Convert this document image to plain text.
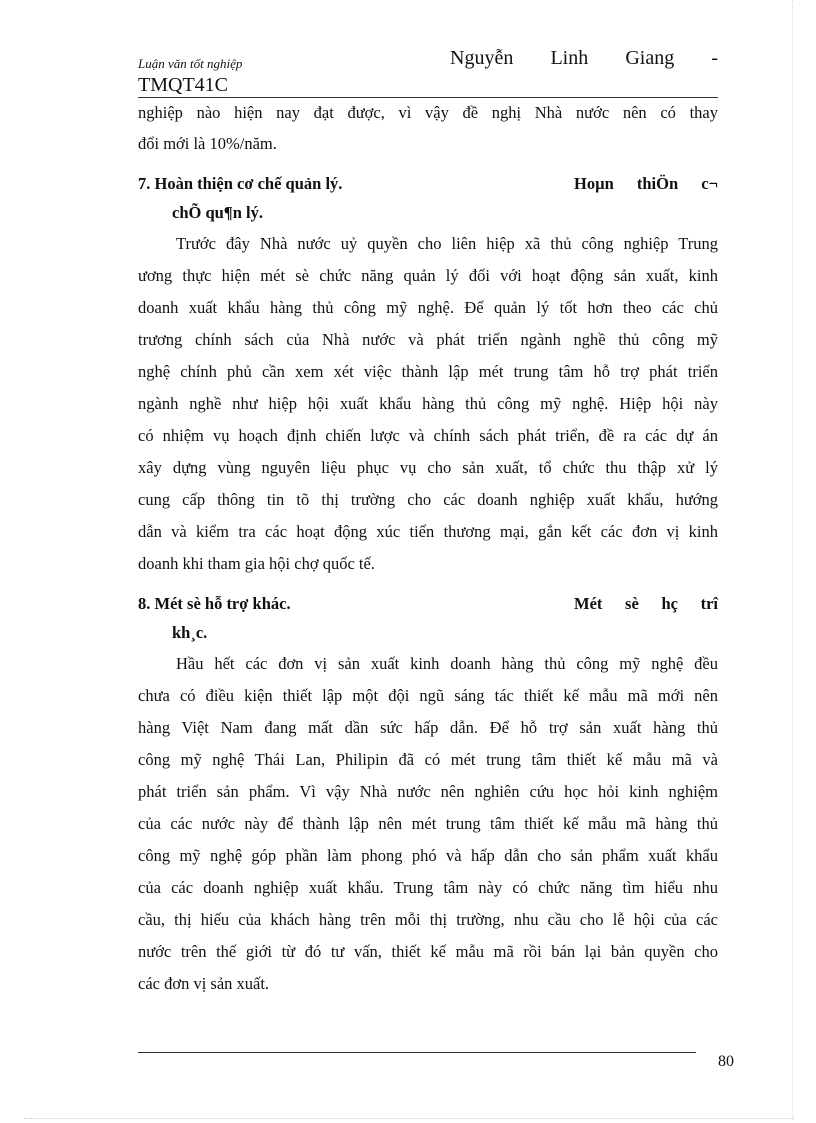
Luận văn tốt nghiệp	Nguyễn Linh Giang -
TMQT41C
nghiệp nào hiện nay đạt được, vì vậy đề nghị Nhà nước nên có thay
đổi mới là 10%/năm.
7. Hoàn thiện cơ chế quản lý.	Hoµn thiÖn c¬
chÕ qu¶n lý.
Trước đây Nhà nước uỷ quyền cho liên hiệp xã thủ công nghiệp Trung
ương thực hiện mét sè chức năng quản lý đối với hoạt động sản xuất, kinh
doanh xuất khẩu hàng thủ công mỹ nghệ. Để quản lý tốt hơn theo các chủ
trương chính sách của Nhà nước và phát triển ngành nghề thủ công mỹ
nghệ chính phủ cần xem xét việc thành lập mét trung tâm hỗ trợ phát triển
ngành nghề như hiệp hội xuất khẩu hàng thủ công mỹ nghệ. Hiệp hội này
có nhiệm vụ hoạch định chiến lược và chính sách phát triển, đề ra các dự án
xây dựng vùng nguyên liệu phục vụ cho sản xuất, tổ chức thu thập xử lý
cung cấp thông tin tõ thị trường cho các doanh nghiệp xuất khẩu, hướng
dẫn và kiểm tra các hoạt động xúc tiến thương mại, gắn kết các đơn vị kinh
doanh khi tham gia hội chợ quốc tế.
8. Mét sè hỗ trợ khác.	Mét sè hç trî
kh¸c.
Hầu hết các đơn vị sản xuất kinh doanh hàng thủ công mỹ nghệ đều
chưa có điều kiện thiết lập một đội ngũ sáng tác thiết kế mẫu mã mới nên
hàng Việt Nam đang mất dần sức hấp dẫn. Để hỗ trợ sản xuất hàng thủ
công mỹ nghệ Thái Lan, Philipin đã có mét trung tâm thiết kế mẫu mã và
phát triển sản phẩm. Vì vậy Nhà nước nên nghiên cứu học hỏi kinh nghiệm
của các nước này để thành lập nên mét trung tâm thiết kế mẫu mã hàng thủ
công mỹ nghệ góp phần làm phong phó và hấp dẫn cho sản phẩm xuất khẩu
của các doanh nghiệp xuất khẩu. Trung tâm này có chức năng tìm hiểu nhu
cầu, thị hiếu của khách hàng trên mỗi thị trường, nhu cầu cho lễ hội của các
nước trên thế giới từ đó tư vấn, thiết kế mẫu mã rồi bán lại bản quyền cho
các đơn vị sản xuất.
80
